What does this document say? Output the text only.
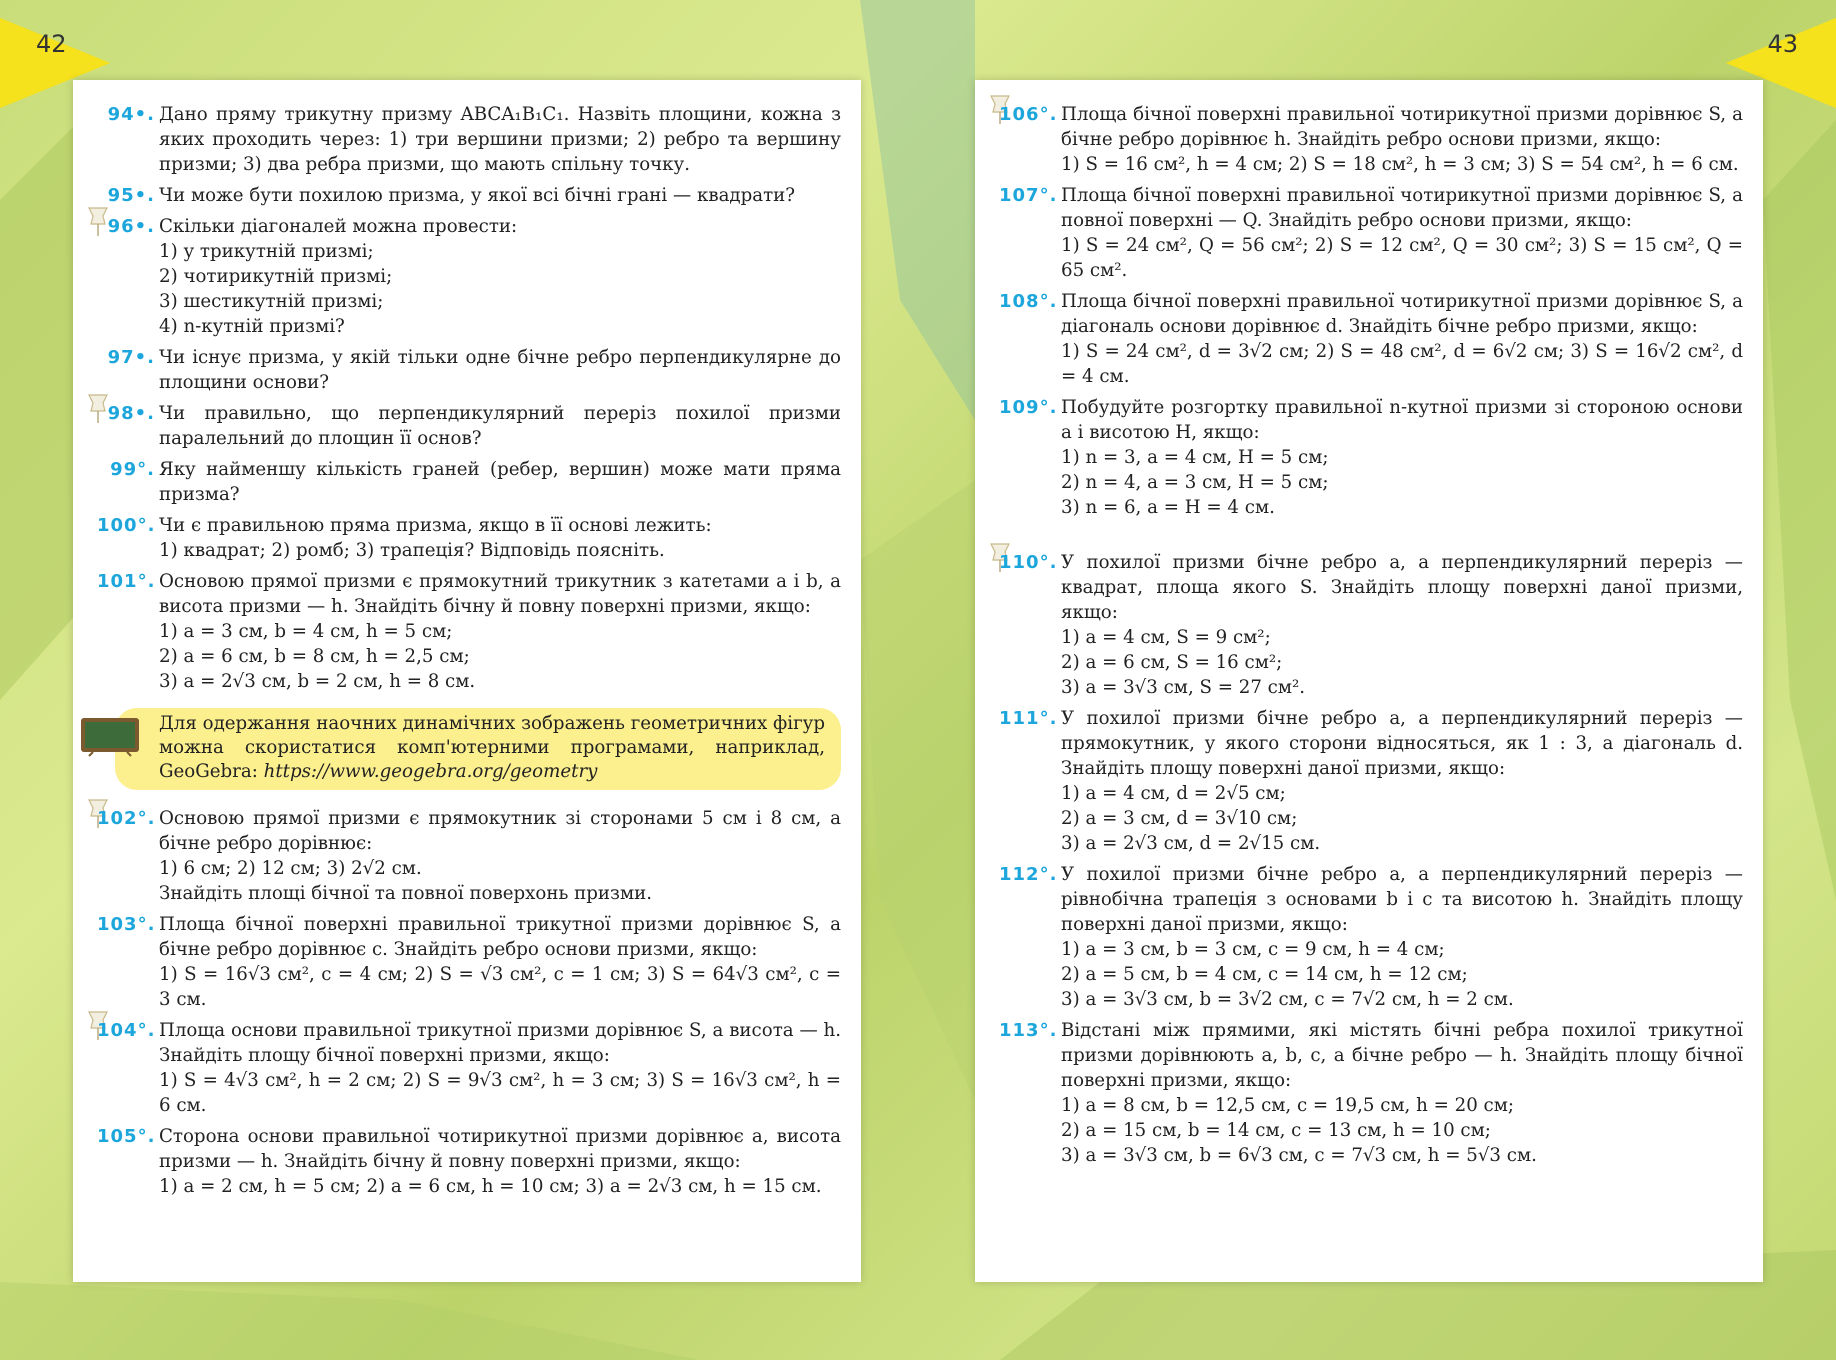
42	43
94•. Дано пряму трикутну призму ABCA₁B₁C₁. Назвіть площини, кожна з яких проходить через: 1) три вершини призми; 2) ребро та вершину призми; 3) два ребра призми, що мають спільну точку.

95•. Чи може бути похилою призма, у якої всі бічні грані — квадрати?

96•. Скільки діагоналей можна провести:

1) у трикутній призмі;

2) чотирикутній призмі;

3) шестикутній призмі;

4) n-кутній призмі?

97•. Чи існує призма, у якій тільки одне бічне ребро перпендикулярне до площини основи?

98•. Чи правильно, що перпендикулярний переріз похилої призми паралельний до площин її основ?

99°. Яку найменшу кількість граней (ребер, вершин) може мати пряма призма?

100°. Чи є правильною пряма призма, якщо в її основі лежить:

1) квадрат; 2) ромб; 3) трапеція? Відповідь поясніть.

101°. Основою прямої призми є прямокутний трикутник з катетами a і b, а висота призми — h. Знайдіть бічну й повну поверхні призми, якщо:

1) a = 3 см, b = 4 см, h = 5 см;

2) a = 6 см, b = 8 см, h = 2,5 см;

3) a = 2√3 см, b = 2 см, h = 8 см.

Для одержання наочних динамічних зображень геометричних фігур можна скористатися комп'ютерними програмами, наприклад, GeoGebra: https://www.geogebra.org/geometry
102°. Основою прямої призми є прямокутник зі сторонами 5 см і 8 см, а бічне ребро дорівнює:

1) 6 см; 2) 12 см; 3) 2√2 см.

Знайдіть площі бічної та повної поверхонь призми.

103°. Площа бічної поверхні правильної трикутної призми дорівнює S, а бічне ребро дорівнює c. Знайдіть ребро основи призми, якщо:

1) S = 16√3 см², c = 4 см; 2) S = √3 см², c = 1 см; 3) S = 64√3 см², c = 3 см.

104°. Площа основи правильної трикутної призми дорівнює S, а висота — h. Знайдіть площу бічної поверхні призми, якщо:

1) S = 4√3 см², h = 2 см; 2) S = 9√3 см², h = 3 см; 3) S = 16√3 см², h = 6 см.

105°. Сторона основи правильної чотирикутної призми дорівнює a, висота призми — h. Знайдіть бічну й повну поверхні призми, якщо:

1) a = 2 см, h = 5 см; 2) a = 6 см, h = 10 см; 3) a = 2√3 см, h = 15 см.

106°. Площа бічної поверхні правильної чотирикутної призми дорівнює S, а бічне ребро дорівнює h. Знайдіть ребро основи призми, якщо:

1) S = 16 см², h = 4 см; 2) S = 18 см², h = 3 см; 3) S = 54 см², h = 6 см.

107°. Площа бічної поверхні правильної чотирикутної призми дорівнює S, а повної поверхні — Q. Знайдіть ребро основи призми, якщо:

1) S = 24 см², Q = 56 см²; 2) S = 12 см², Q = 30 см²; 3) S = 15 см², Q = 65 см².

108°. Площа бічної поверхні правильної чотирикутної призми дорівнює S, а діагональ основи дорівнює d. Знайдіть бічне ребро призми, якщо:

1) S = 24 см², d = 3√2 см; 2) S = 48 см², d = 6√2 см; 3) S = 16√2 см², d = 4 см.

109°. Побудуйте розгортку правильної n-кутної призми зі стороною основи a і висотою H, якщо:

1) n = 3, a = 4 см, H = 5 см;

2) n = 4, a = 3 см, H = 5 см;

3) n = 6, a = H = 4 см.

110°. У похилої призми бічне ребро a, а перпендикулярний переріз — квадрат, площа якого S. Знайдіть площу поверхні даної призми, якщо:

1) a = 4 см, S = 9 см²;

2) a = 6 см, S = 16 см²;

3) a = 3√3 см, S = 27 см².

111°. У похилої призми бічне ребро a, а перпендикулярний переріз — прямокутник, у якого сторони відносяться, як 1 : 3, а діагональ d. Знайдіть площу поверхні даної призми, якщо:

1) a = 4 см, d = 2√5 см;

2) a = 3 см, d = 3√10 см;

3) a = 2√3 см, d = 2√15 см.

112°. У похилої призми бічне ребро a, а перпендикулярний переріз — рівнобічна трапеція з основами b і c та висотою h. Знайдіть площу поверхні даної призми, якщо:

1) a = 3 см, b = 3 см, c = 9 см, h = 4 см;

2) a = 5 см, b = 4 см, c = 14 см, h = 12 см;

3) a = 3√3 см, b = 3√2 см, c = 7√2 см, h = 2 см.

113°. Відстані між прямими, які містять бічні ребра похилої трикутної призми дорівнюють a, b, c, а бічне ребро — h. Знайдіть площу бічної поверхні призми, якщо:

1) a = 8 см, b = 12,5 см, c = 19,5 см, h = 20 см;

2) a = 15 см, b = 14 см, c = 13 см, h = 10 см;

3) a = 3√3 см, b = 6√3 см, c = 7√3 см, h = 5√3 см.
